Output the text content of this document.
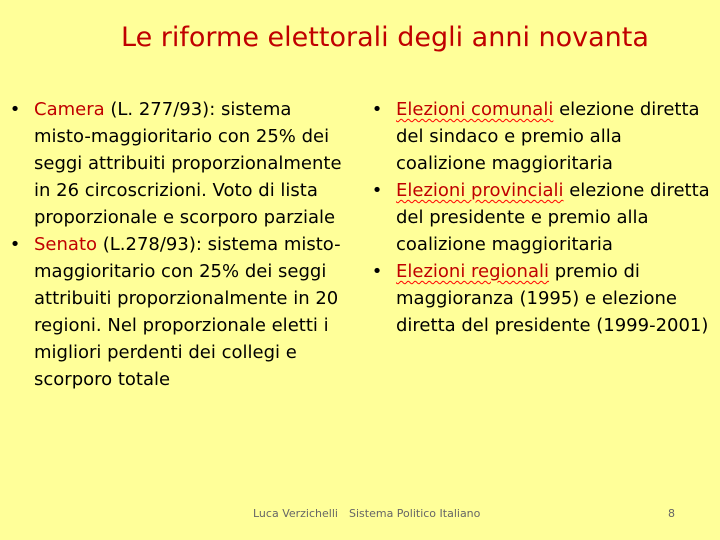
Le riforme elettorali degli anni novanta
• Camera (L. 277/93): sistema misto-maggioritario con 25% dei seggi attribuiti proporzionalmente in 26 circoscrizioni. Voto di lista proporzionale e scorporo parziale
• Senato (L.278/93): sistema misto-maggioritario con 25% dei seggi attribuiti proporzionalmente in 20 regioni. Nel proporzionale eletti i migliori perdenti dei collegi e scorporo totale
• Elezioni comunali elezione diretta del sindaco e premio alla coalizione maggioritaria
• Elezioni provinciali elezione diretta del presidente e premio alla coalizione maggioritaria
• Elezioni regionali premio di maggioranza (1995) e elezione diretta del presidente (1999-2001)
Luca Verzichelli Sistema Politico Italiano	8
